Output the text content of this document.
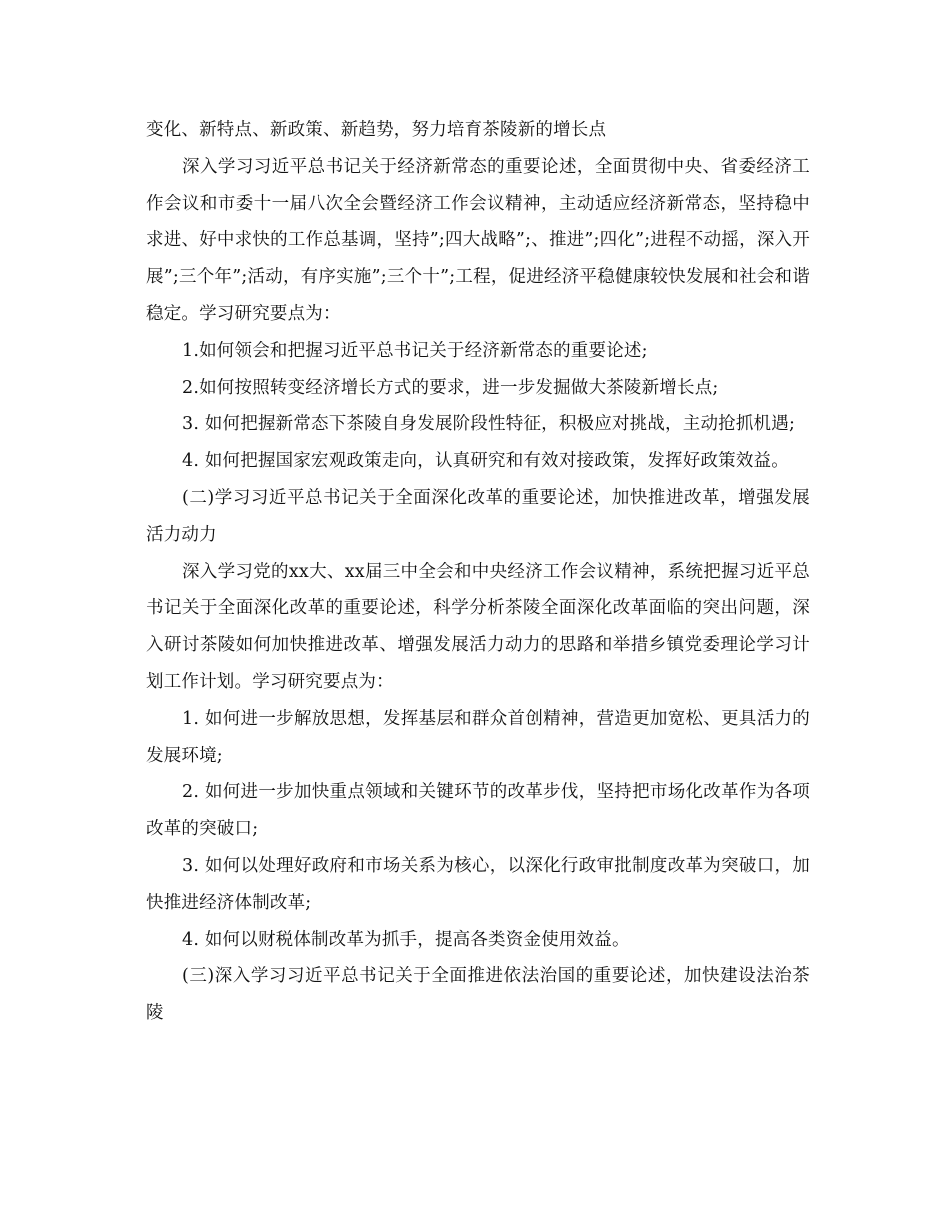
变化、新特点、新政策、新趋势，努力培育茶陵新的增长点

深入学习习近平总书记关于经济新常态的重要论述，全面贯彻中央、省委经济工作会议和市委十一届八次全会暨经济工作会议精神，主动适应经济新常态，坚持稳中求进、好中求快的工作总基调，坚持”;四大战略”;、推进”;四化”;进程不动摇，深入开展”;三个年”;活动，有序实施”;三个十”;工程，促进经济平稳健康较快发展和社会和谐稳定。学习研究要点为：

1.如何领会和把握习近平总书记关于经济新常态的重要论述;

2.如何按照转变经济增长方式的要求，进一步发掘做大茶陵新增长点;

3. 如何把握新常态下茶陵自身发展阶段性特征，积极应对挑战，主动抢抓机遇;

4. 如何把握国家宏观政策走向，认真研究和有效对接政策，发挥好政策效益。

(二)学习习近平总书记关于全面深化改革的重要论述，加快推进改革，增强发展活力动力

深入学习党的xx大、xx届三中全会和中央经济工作会议精神，系统把握习近平总书记关于全面深化改革的重要论述，科学分析茶陵全面深化改革面临的突出问题，深入研讨茶陵如何加快推进改革、增强发展活力动力的思路和举措乡镇党委理论学习计划工作计划。学习研究要点为：

1. 如何进一步解放思想，发挥基层和群众首创精神，营造更加宽松、更具活力的发展环境;

2. 如何进一步加快重点领域和关键环节的改革步伐，坚持把市场化改革作为各项改革的突破口;

3. 如何以处理好政府和市场关系为核心，以深化行政审批制度改革为突破口，加快推进经济体制改革;

4. 如何以财税体制改革为抓手，提高各类资金使用效益。

(三)深入学习习近平总书记关于全面推进依法治国的重要论述，加快建设法治茶陵
